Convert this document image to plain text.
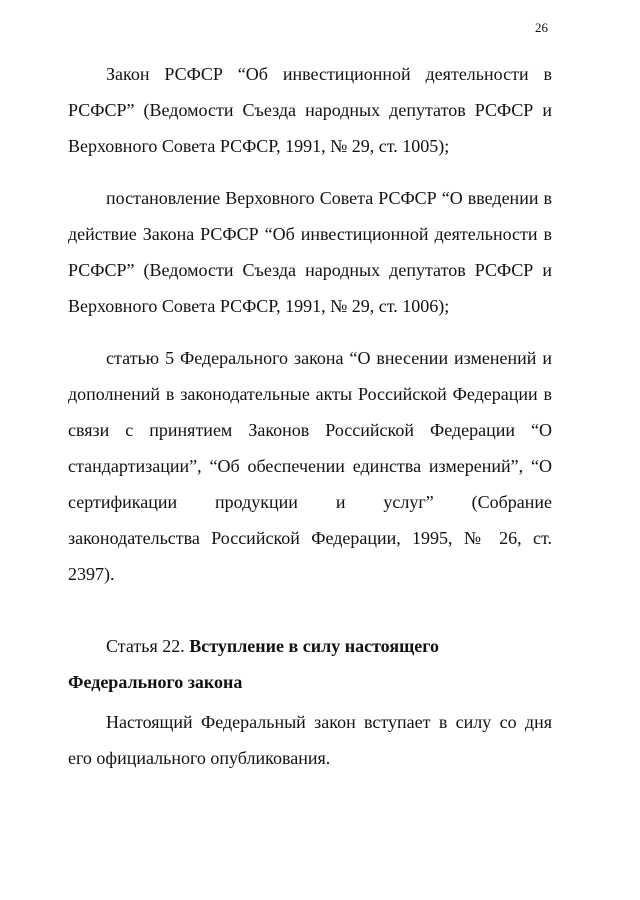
26

Закон РСФСР “Об инвестиционной деятельности в РСФСР” (Ведомости Съезда народных депутатов РСФСР и Верховного Совета РСФСР, 1991, № 29, ст. 1005);

постановление Верховного Совета РСФСР “О введении в действие Закона РСФСР “Об инвестиционной деятельности в РСФСР” (Ведомости Съезда народных депутатов РСФСР и Верховного Совета РСФСР, 1991, № 29, ст. 1006);

статью 5 Федерального закона “О внесении изменений и дополнений в законодательные акты Российской Федерации в связи с принятием Законов Российской Федерации “О стандартизации”, “Об обеспечении единства измерений”, “О сертификации продукции и услуг” (Собрание законодательства Российской Федерации, 1995, № 26, ст. 2397).

Статья 22. Вступление в силу настоящего Федерального закона

Настоящий Федеральный закон вступает в силу со дня его официального опубликования.
